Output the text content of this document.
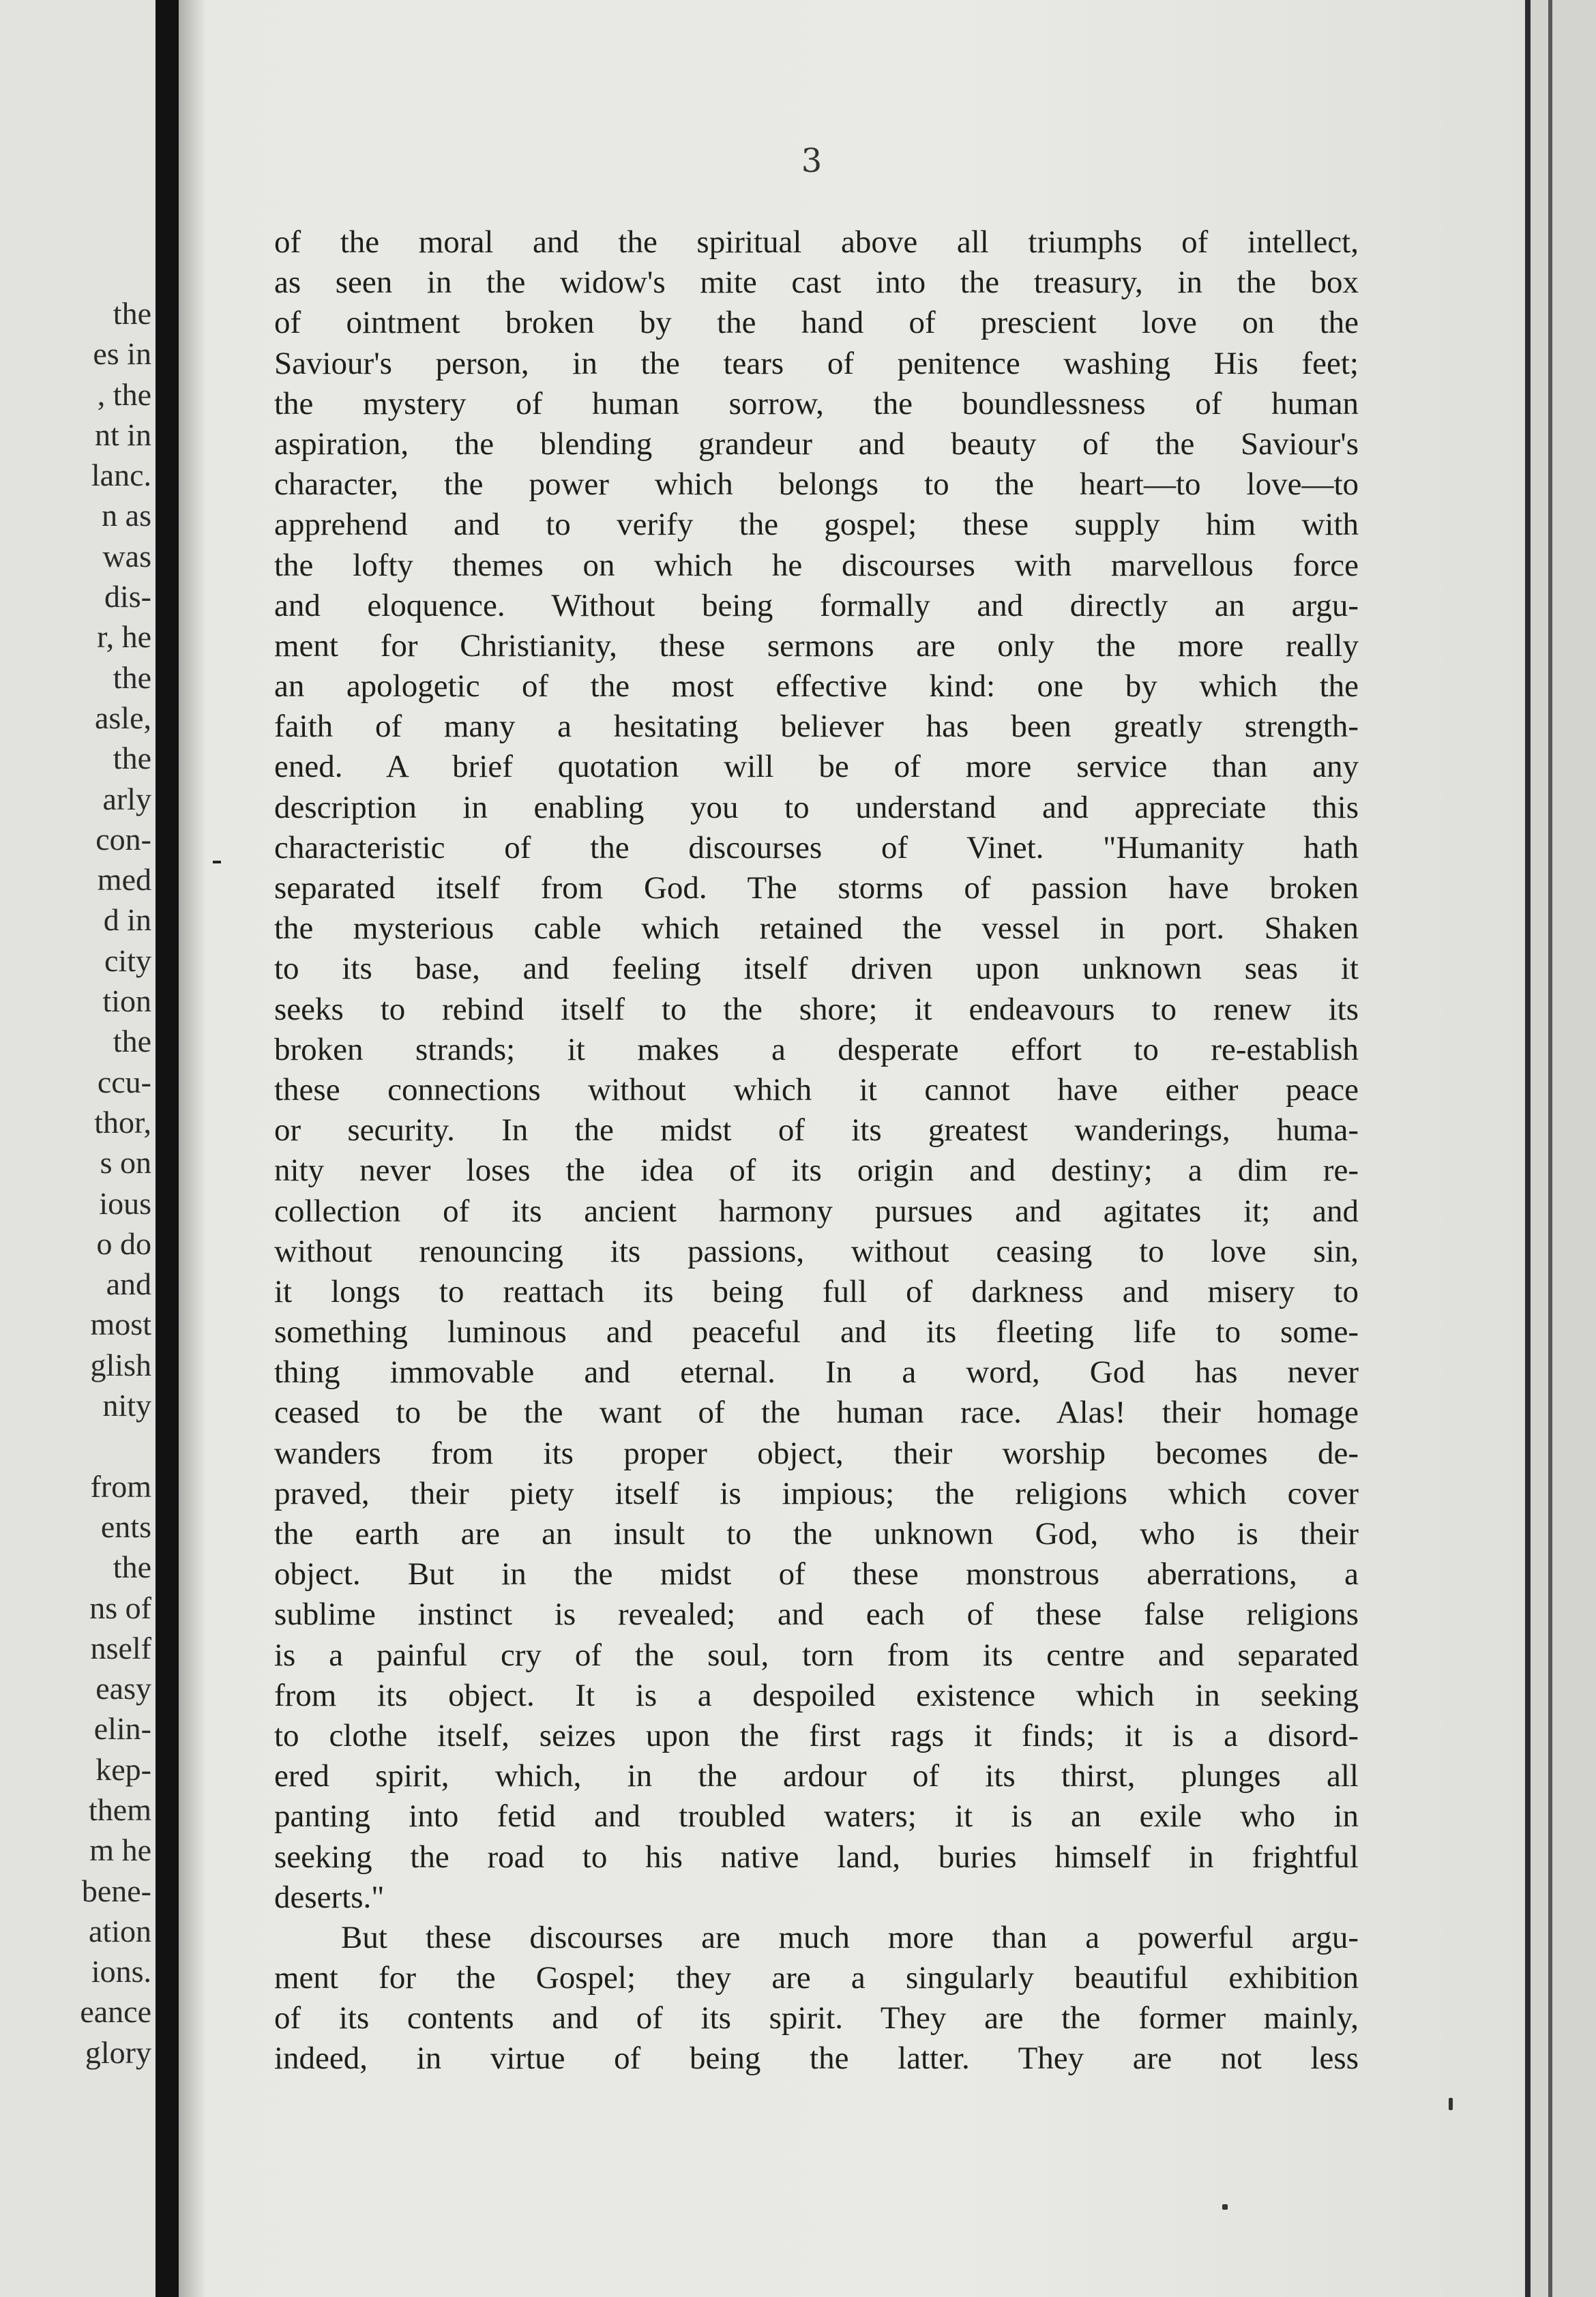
the
es in
, the
nt in
lanc.
n as
was
dis-
r, he
the
asle,
the
arly
con-
med
d in
city
tion
the
ccu-
thor,
s on
ious
o do
and
most
glish
nity
from
ents
the
ns of
nself
easy
elin-
kep-
them
m he
bene-
ation
ions.
eance
glory
3
of the moral and the spiritual above all triumphs of intellect,
as seen in the widow's mite cast into the treasury, in the box
of ointment broken by the hand of prescient love on the
Saviour's person, in the tears of penitence washing His feet;
the mystery of human sorrow, the boundlessness of human
aspiration, the blending grandeur and beauty of the Saviour's
character, the power which belongs to the heart—to love—to
apprehend and to verify the gospel; these supply him with
the lofty themes on which he discourses with marvellous force
and eloquence. Without being formally and directly an argu-
ment for Christianity, these sermons are only the more really
an apologetic of the most effective kind: one by which the
faith of many a hesitating believer has been greatly strength-
ened. A brief quotation will be of more service than any
description in enabling you to understand and appreciate this
characteristic of the discourses of Vinet. "Humanity hath
separated itself from God. The storms of passion have broken
the mysterious cable which retained the vessel in port. Shaken
to its base, and feeling itself driven upon unknown seas it
seeks to rebind itself to the shore; it endeavours to renew its
broken strands; it makes a desperate effort to re-establish
these connections without which it cannot have either peace
or security. In the midst of its greatest wanderings, huma-
nity never loses the idea of its origin and destiny; a dim re-
collection of its ancient harmony pursues and agitates it; and
without renouncing its passions, without ceasing to love sin,
it longs to reattach its being full of darkness and misery to
something luminous and peaceful and its fleeting life to some-
thing immovable and eternal. In a word, God has never
ceased to be the want of the human race. Alas! their homage
wanders from its proper object, their worship becomes de-
praved, their piety itself is impious; the religions which cover
the earth are an insult to the unknown God, who is their
object. But in the midst of these monstrous aberrations, a
sublime instinct is revealed; and each of these false religions
is a painful cry of the soul, torn from its centre and separated
from its object. It is a despoiled existence which in seeking
to clothe itself, seizes upon the first rags it finds; it is a disord-
ered spirit, which, in the ardour of its thirst, plunges all
panting into fetid and troubled waters; it is an exile who in
seeking the road to his native land, buries himself in frightful
deserts."
But these discourses are much more than a powerful argu-
ment for the Gospel; they are a singularly beautiful exhibition
of its contents and of its spirit. They are the former mainly,
indeed, in virtue of being the latter. They are not less
